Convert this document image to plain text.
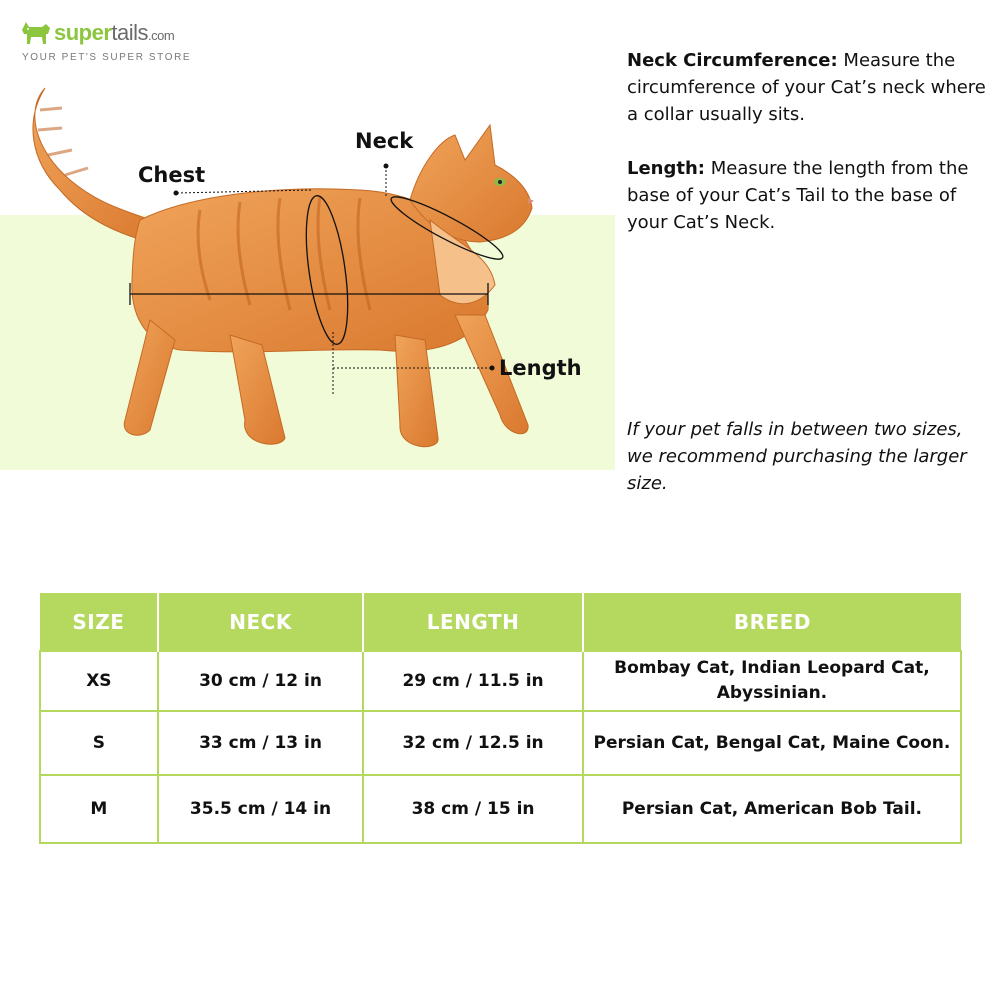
supertails.com
YOUR PET'S SUPER STORE
Neck
Chest
Length
Neck Circumference: Measure the circumference of your Cat’s neck where a collar usually sits.
Length: Measure the length from the base of your Cat’s Tail to the base of your Cat’s Neck.
If your pet falls in between two sizes, we recommend purchasing the larger size.
SIZE	NECK	LENGTH	BREED
XS	30 cm / 12 in	29 cm / 11.5 in	Bombay Cat, Indian Leopard Cat, Abyssinian.
S	33 cm / 13 in	32 cm / 12.5 in	Persian Cat, Bengal Cat, Maine Coon.
M	35.5 cm / 14 in	38 cm / 15 in	Persian Cat, American Bob Tail.
